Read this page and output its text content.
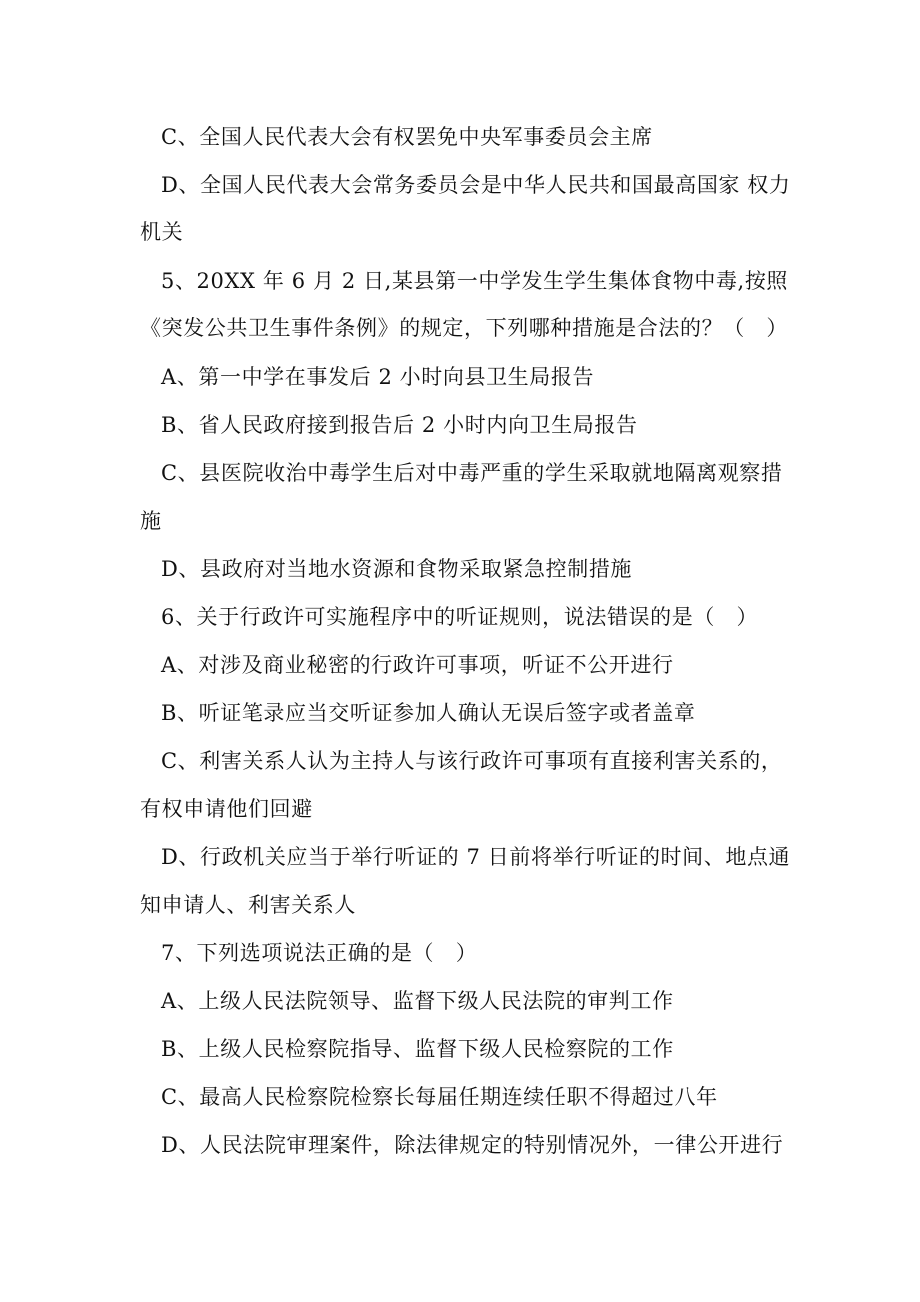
C、全国人民代表大会有权罢免中央军事委员会主席
D、全国人民代表大会常务委员会是中华人民共和国最高国家 权力
机关
5、20XX 年 6 月 2 日,某县第一中学发生学生集体食物中毒,按照
《突发公共卫生事件条例》的规定，下列哪种措施是合法的？（　）
A、第一中学在事发后 2 小时向县卫生局报告
B、省人民政府接到报告后 2 小时内向卫生局报告
C、县医院收治中毒学生后对中毒严重的学生采取就地隔离观察措
施
D、县政府对当地水资源和食物采取紧急控制措施
6、关于行政许可实施程序中的听证规则，说法错误的是（　）
A、对涉及商业秘密的行政许可事项，听证不公开进行
B、听证笔录应当交听证参加人确认无误后签字或者盖章
C、利害关系人认为主持人与该行政许可事项有直接利害关系的，
有权申请他们回避
D、行政机关应当于举行听证的 7 日前将举行听证的时间、地点通
知申请人、利害关系人
7、下列选项说法正确的是（　）
A、上级人民法院领导、监督下级人民法院的审判工作
B、上级人民检察院指导、监督下级人民检察院的工作
C、最高人民检察院检察长每届任期连续任职不得超过八年
D、人民法院审理案件，除法律规定的特别情况外，一律公开进行
